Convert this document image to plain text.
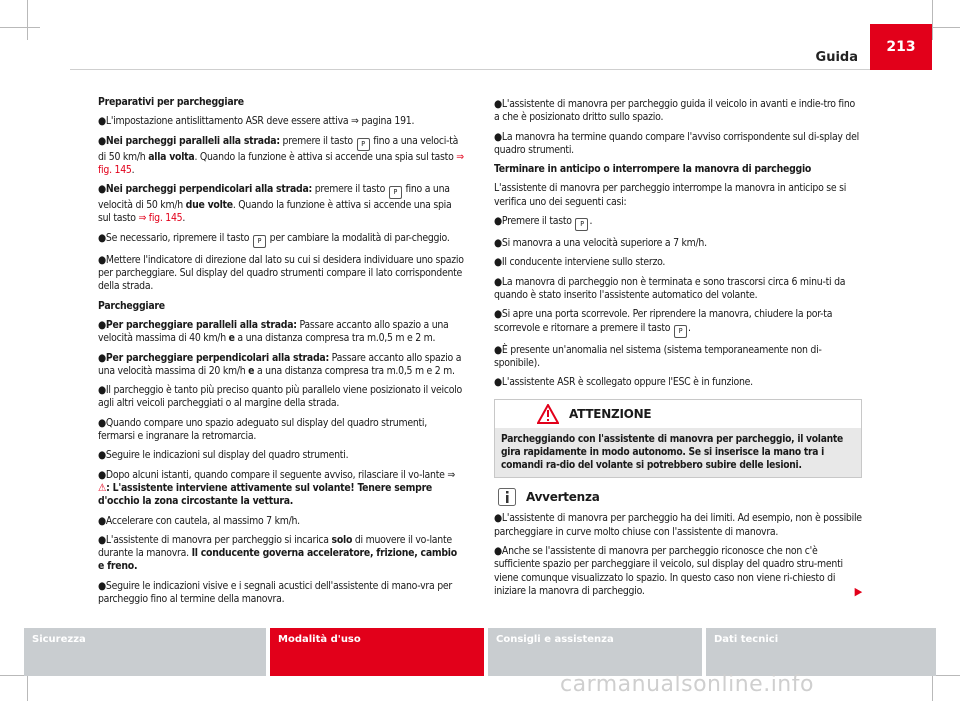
Guida
213

Preparativi per parcheggiare

●L'impostazione antislittamento ASR deve essere attiva ⇒ pagina 191.

●Nei parcheggi paralleli alla strada: premere il tasto P fino a una veloci-tà di 50 km/h alla volta. Quando la funzione è attiva si accende una spia sul tasto ⇒ fig. 145.

●Nei parcheggi perpendicolari alla strada: premere il tasto P fino a una velocità di 50 km/h due volte. Quando la funzione è attiva si accende una spia sul tasto ⇒ fig. 145.

●Se necessario, ripremere il tasto P per cambiare la modalità di par-cheggio.

●Mettere l'indicatore di direzione dal lato su cui si desidera individuare uno spazio per parcheggiare. Sul display del quadro strumenti compare il lato corrispondente della strada.

Parcheggiare

●Per parcheggiare paralleli alla strada: Passare accanto allo spazio a una velocità massima di 40 km/h e a una distanza compresa tra m.0,5 m e 2 m.

●Per parcheggiare perpendicolari alla strada: Passare accanto allo spazio a una velocità massima di 20 km/h e a una distanza compresa tra m.0,5 m e 2 m.

●Il parcheggio è tanto più preciso quanto più parallelo viene posizionato il veicolo agli altri veicoli parcheggiati o al margine della strada.

●Quando compare uno spazio adeguato sul display del quadro strumenti, fermarsi e ingranare la retromarcia.

●Seguire le indicazioni sul display del quadro strumenti.

●Dopo alcuni istanti, quando compare il seguente avviso, rilasciare il vo-lante ⇒ ⚠: L'assistente interviene attivamente sul volante! Tenere sempre d'occhio la zona circostante la vettura.

●Accelerare con cautela, al massimo 7 km/h.

●L'assistente di manovra per parcheggio si incarica solo di muovere il vo-lante durante la manovra. Il conducente governa acceleratore, frizione, cambio e freno.

●Seguire le indicazioni visive e i segnali acustici dell'assistente di mano-vra per parcheggio fino al termine della manovra.

●L'assistente di manovra per parcheggio guida il veicolo in avanti e indie-tro fino a che è posizionato dritto sullo spazio.

●La manovra ha termine quando compare l'avviso corrispondente sul di-splay del quadro strumenti.

Terminare in anticipo o interrompere la manovra di parcheggio

L'assistente di manovra per parcheggio interrompe la manovra in anticipo se si verifica uno dei seguenti casi:

●Premere il tasto P .

●Si manovra a una velocità superiore a 7 km/h.

●Il conducente interviene sullo sterzo.

●La manovra di parcheggio non è terminata e sono trascorsi circa 6 minu-ti da quando è stato inserito l'assistente automatico del volante.

●Si apre una porta scorrevole. Per riprendere la manovra, chiudere la por-ta scorrevole e ritornare a premere il tasto P .

●È presente un'anomalia nel sistema (sistema temporaneamente non di-sponibile).

●L'assistente ASR è scollegato oppure l'ESC è in funzione.

ATTENZIONE
Parcheggiando con l'assistente di manovra per parcheggio, il volante gira rapidamente in modo autonomo. Se si inserisce la mano tra i comandi ra-dio del volante si potrebbero subire delle lesioni.
Avvertenza

●L'assistente di manovra per parcheggio ha dei limiti. Ad esempio, non è possibile parcheggiare in curve molto chiuse con l'assistente di manovra.

●Anche se l'assistente di manovra per parcheggio riconosce che non c'è sufficiente spazio per parcheggiare il veicolo, sul display del quadro stru-menti viene comunque visualizzato lo spazio. In questo caso non viene ri-chiesto di iniziare la manovra di parcheggio.	▶

Sicurezza	Modalità d'uso	Consigli e assistenza	Dati tecnici
carmanualsonline.info
